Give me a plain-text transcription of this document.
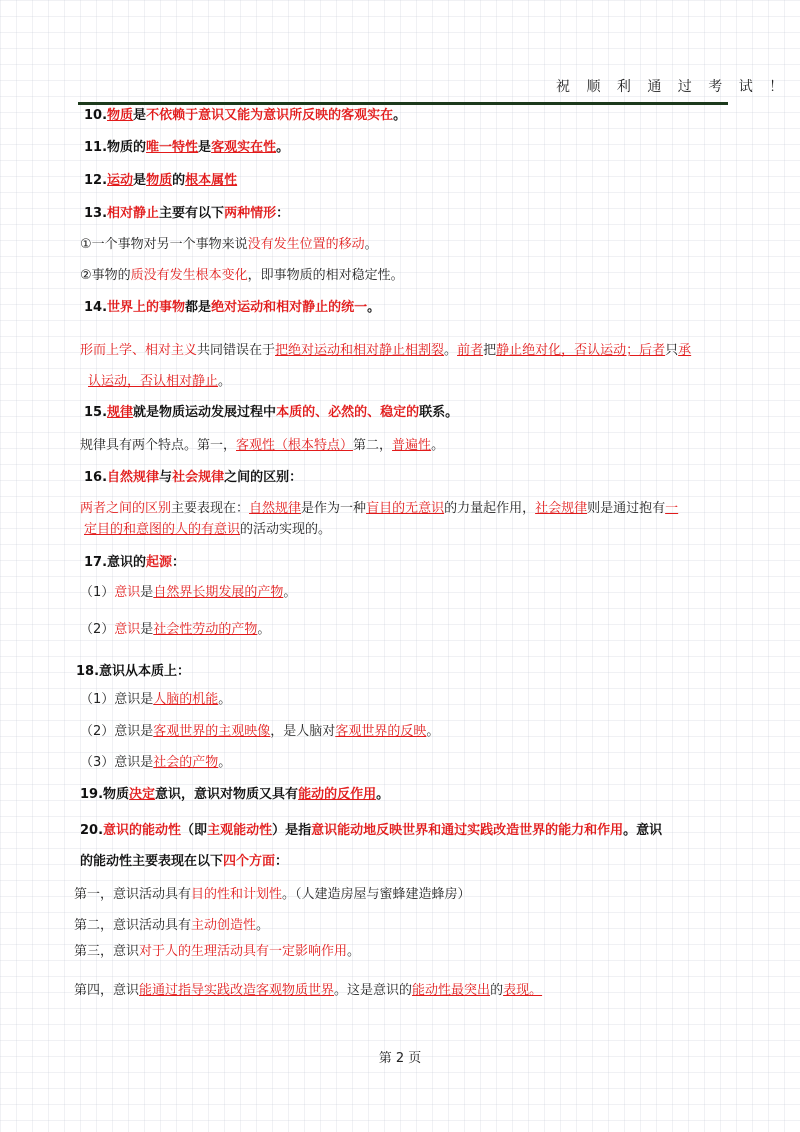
祝 顺 利 通 过 考 试 ！
10.物质是不依赖于意识又能为意识所反映的客观实在。
11.物质的唯一特性是客观实在性。
12.运动是物质的根本属性
13.相对静止主要有以下两种情形：
①一个事物对另一个事物来说没有发生位置的移动。
②事物的质没有发生根本变化，即事物质的相对稳定性。
14.世界上的事物都是绝对运动和相对静止的统一。
形而上学、相对主义共同错误在于把绝对运动和相对静止相割裂。前者把静止绝对化，否认运动；后者只承
认运动，否认相对静止。
15.规律就是物质运动发展过程中本质的、必然的、稳定的联系。
规律具有两个特点。第一，客观性（根本特点）第二，普遍性。
16.自然规律与社会规律之间的区别：
两者之间的区别主要表现在：自然规律是作为一种盲目的无意识的力量起作用，社会规律则是通过抱有一
定目的和意图的人的有意识的活动实现的。
17.意识的起源：
（1）意识是自然界长期发展的产物。
（2）意识是社会性劳动的产物。
18.意识从本质上：
（1）意识是人脑的机能。
（2）意识是客观世界的主观映像，是人脑对客观世界的反映。
（3）意识是社会的产物。
19.物质决定意识，意识对物质又具有能动的反作用。
20.意识的能动性（即主观能动性）是指意识能动地反映世界和通过实践改造世界的能力和作用。意识
的能动性主要表现在以下四个方面：
第一，意识活动具有目的性和计划性。（人建造房屋与蜜蜂建造蜂房）
第二，意识活动具有主动创造性。
第三，意识对于人的生理活动具有一定影响作用。
第四，意识能通过指导实践改造客观物质世界。这是意识的能动性最突出的表现。
第 2 页
